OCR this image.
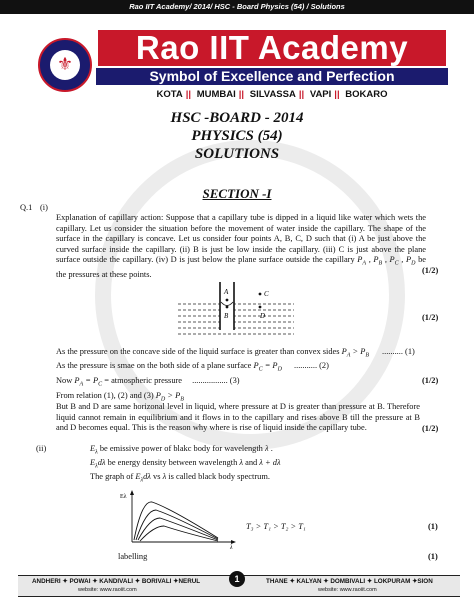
Rao IIT Academy/ 2014/ HSC - Board Physics (54) / Solutions
⚜	Rao IIT Academy
Symbol of Excellence and Perfection
KOTA || MUMBAI || SILVASSA || VAPI || BOKARO
HSC -BOARD - 2014
PHYSICS (54)
SOLUTIONS
SECTION -I
Q.1 (i)
Explanation of capillary action: Suppose that a capillary tube is dipped in a liquid like water which wets the capillary. Let us consider the situation before the movement of water inside the capillary. The shape of the surface in the capillary is concave. Let us consider four points A, B, C, D such that (i) A be just above the curved surface inside the capillary. (ii) B is just be low inside the capillary. (iii) C is just above the plane surface outside the capillary. (iv) D is just below the plane surface outside the capillary $P_A$ , $P_B$ , $P_C$ , $P_D$ be the pressures at these points.	(1/2)
A
B
C
D	(1/2)
As the pressure on the concave side of the liquid surface is greater than convex sides $P_A > P_B$ .......... (1)
As the pressure is smae on the both side of a plane surface $P_C = P_D$ ........... (2)
Now $P_A = P_C$ = atmospheric pressure ................. (3)	(1/2)
From relation (1), (2) and (3) $P_D > P_B$
But B and D are same horizonal level in liquid, where pressure at D is greater than pressure at B. Therefore liquid cannot remain in equilibrium and it flows in to the capillary and rises above B till the pressure at B and D becomes equal. This is the reason why where is rise of liquid inside the capillary tube.	(1/2)
(ii)	$E_\lambda$ be emissive power of blakc body for wavelength λ .
$E_\lambda d\lambda$ be energy density between wavelength λ and λ + dλ
The graph of $E_\lambda d\lambda$ vs λ is called black body spectrum.
Eλ
λ
T₃ > T₁ > T₂ > T₁	(1)
labelling	(1)
ANDHERI ✦ POWAI ✦ KANDIVALI ✦ BORIVALI ✦NERUL
website: www.raoiit.com
THANE ✦ KALYAN ✦ DOMBIVALI ✦ LOKPURAM ✦SION
website: www.raoiit.com
1
